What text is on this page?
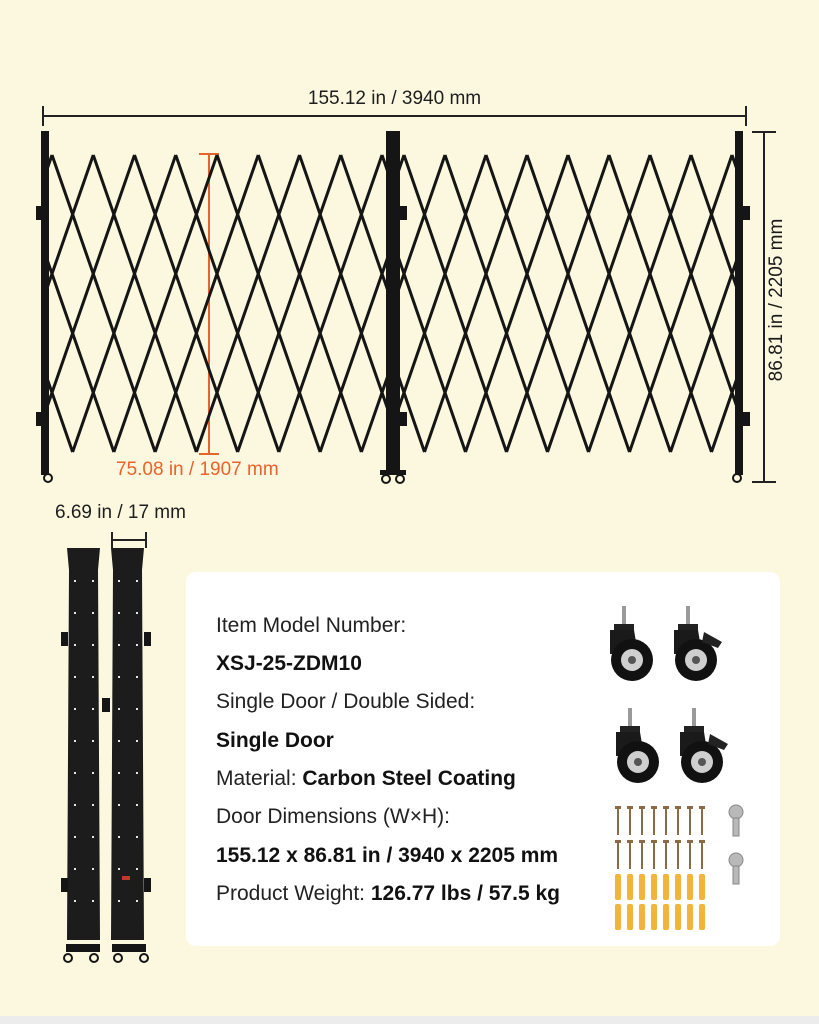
155.12 in / 3940 mm
86.81 in / 2205 mm
75.08 in / 1907 mm
6.69 in / 17 mm
Item Model Number:
XSJ-25-ZDM10
Single Door / Double Sided:
Single Door
Material: Carbon Steel Coating
Door Dimensions (W×H):
155.12 x 86.81 in / 3940 x 2205 mm
Product Weight: 126.77 lbs / 57.5 kg
